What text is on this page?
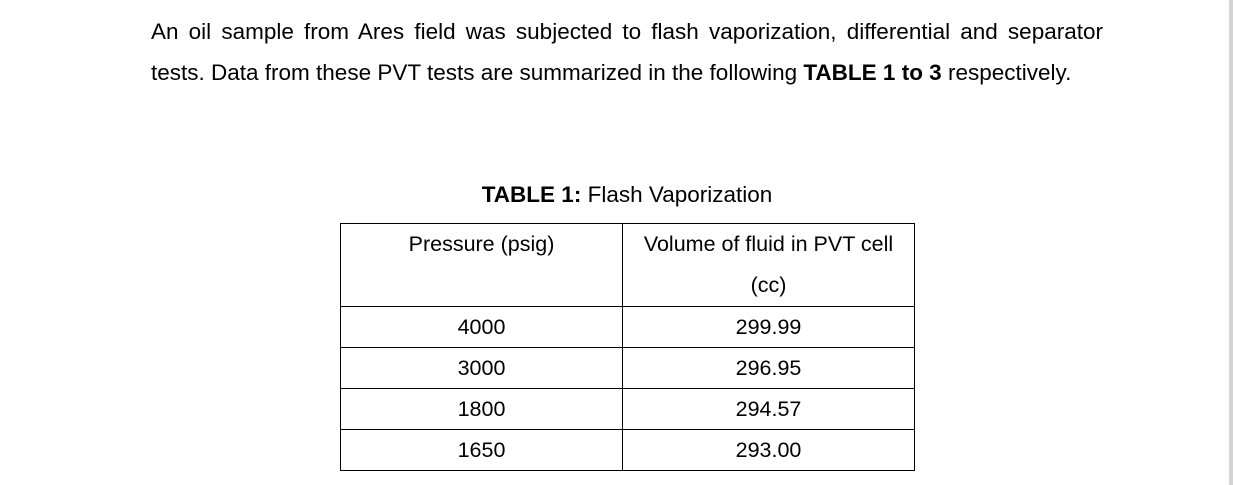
An oil sample from Ares field was subjected to flash vaporization, differential and separator tests. Data from these PVT tests are summarized in the following TABLE 1 to 3 respectively.

TABLE 1: Flash Vaporization
Pressure (psig)	Volume of fluid in PVT cell (cc)

4000	299.99
3000	296.95
1800	294.57
1650	293.00
